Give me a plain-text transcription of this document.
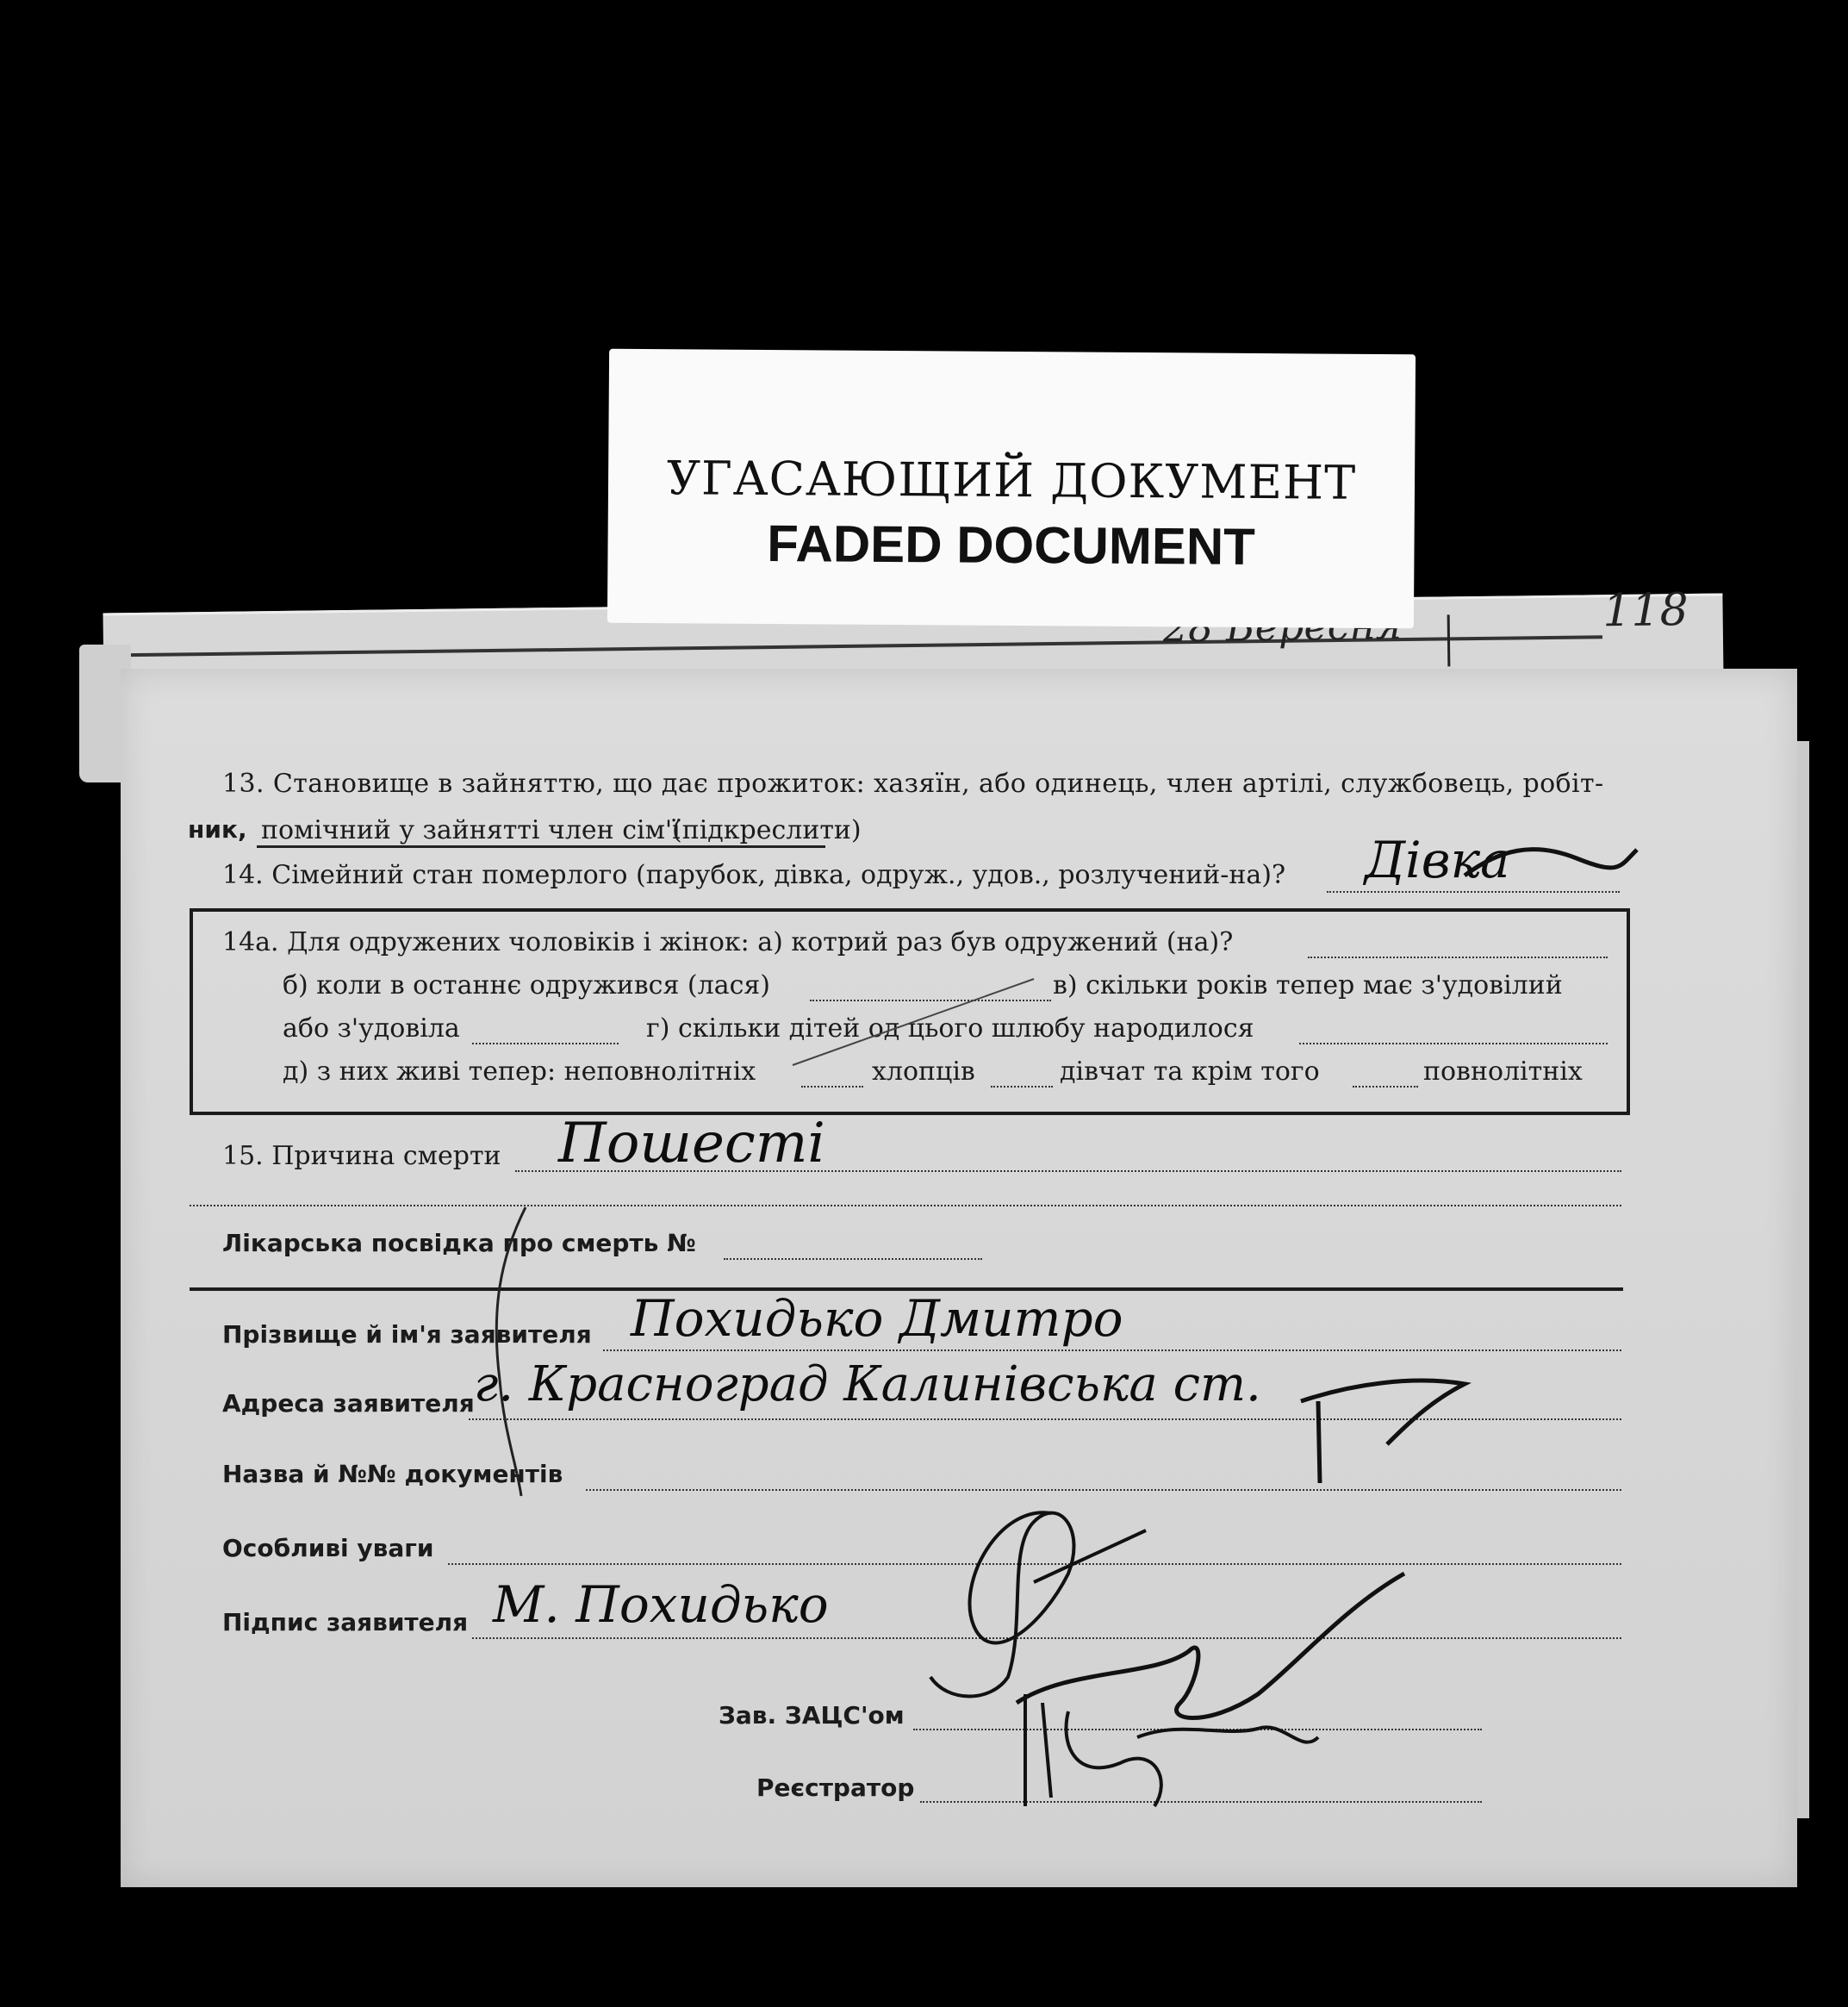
118
УГАСАЮЩИЙ ДОКУМЕНТ
FADED DOCUMENT
13. Становище в зайняттю, що дає прожиток: хазяїн, або одинець, член артілі, службовець, робіт-
ник, помічний у зайнятті член сім'ї
(підкреслити)
14. Сімейний стан померлого (парубок, дівка, одруж., удов., розлучений-на)? Дівка
14а. Для одружених чоловіків і жінок: а) котрий раз був одружений (на)?
б) коли в останнє одружився (лася)	в) скільки років тепер має з'удовілий
або з'удовіла	г) скільки дітей од цього шлюбу народилося
д) з них живі тепер: неповнолітніх	хлопців	дівчат та крім того	повнолітніх
15. Причина смерти Пошесті
Лікарська посвідка про смерть №
Прізвище й ім'я заявителя Похидько Дмитро
Адреса заявителя г. Красноград Калинівська ст.
Назва й №№ документів
Особливі уваги
Підпис заявителя М. Похидько
Зав. ЗАЦС'ом
Реєстратор
